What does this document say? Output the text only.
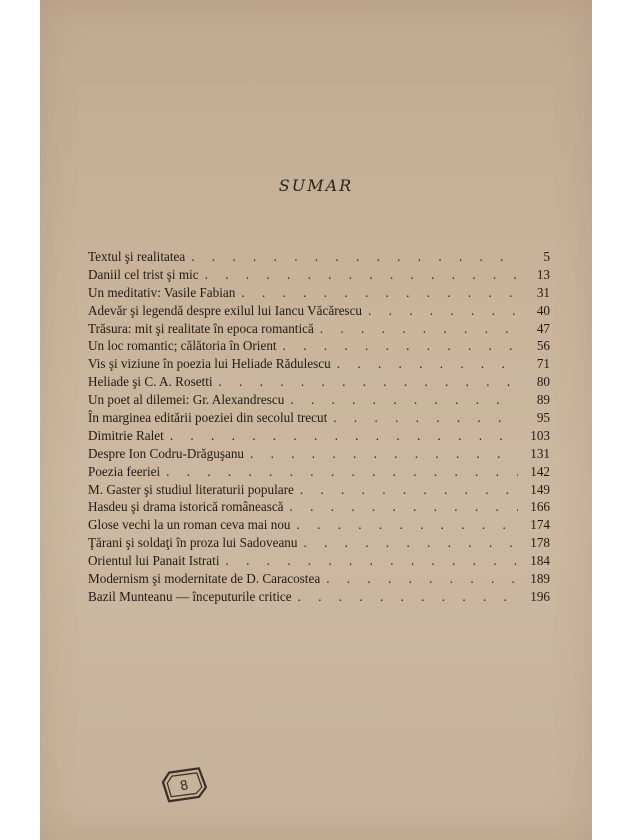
SUMAR
Textul şi realitatea . . .	5
Daniil cel trist şi mic . . .	13
Un meditativ: Vasile Fabian . . .	31
Adevăr şi legendă despre exilul lui Iancu Văcărescu . . .	40
Trăsura: mit şi realitate în epoca romantică . . .	47
Un loc romantic; călătoria în Orient . . .	56
Vis şi viziune în poezia lui Heliade Rădulescu . . .	71
Heliade şi C. A. Rosetti . . .	80
Un poet al dilemei: Gr. Alexandrescu . . .	89
În marginea editării poeziei din secolul trecut . . .	95
Dimitrie Ralet . . .	103
Despre Ion Codru-Drăguşanu . . .	131
Poezia feeriei . . .	142
M. Gaster şi studiul literaturii populare . . .	149
Hasdeu şi drama istorică românească . . .	166
Glose vechi la un roman ceva mai nou . . .	174
Ţărani şi soldaţi în proza lui Sadoveanu . . .	178
Orientul lui Panait Istrati . . .	184
Modernism şi modernitate de D. Caracostea . . .	189
Bazil Munteanu — începuturile critice . . .	196
8
